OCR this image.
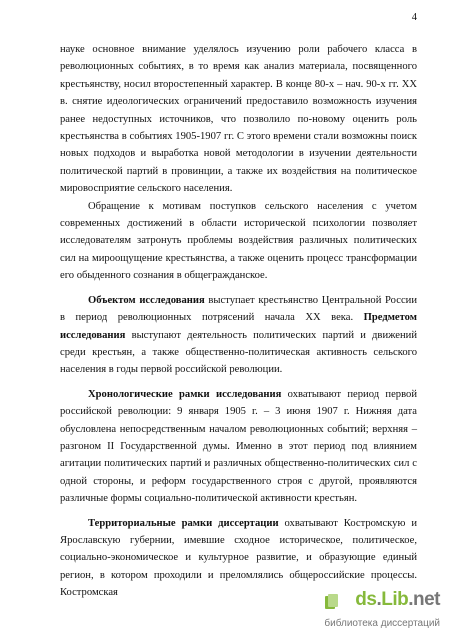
4

науке основное внимание уделялось изучению роли рабочего класса в революционных событиях, в то время как анализ материала, посвященного крестьянству, носил второстепенный характер. В конце 80-х – нач. 90-х гг. XX в. снятие идеологических ограничений предоставило возможность изучения ранее недоступных источников, что позволило по-новому оценить роль крестьянства в событиях 1905-1907 гг. С этого времени стали возможны поиск новых подходов и выработка новой методологии в изучении деятельности политической партий в провинции, а также их воздействия на политическое мировосприятие сельского населения.

Обращение к мотивам поступков сельского населения с учетом современных достижений в области исторической психологии позволяет исследователям затронуть проблемы воздействия различных политических сил на мироощущение крестьянства, а также оценить процесс трансформации его обыденного сознания в общегражданское.

Объектом исследования выступает крестьянство Центральной России в период революционных потрясений начала XX века. Предметом исследования выступают деятельность политических партий и движений среди крестьян, а также общественно-политическая активность сельского населения в годы первой российской революции.

Хронологические рамки исследования охватывают период первой российской революции: 9 января 1905 г. – 3 июня 1907 г. Нижняя дата обусловлена непосредственным началом революционных событий; верхняя – разгоном II Государственной думы. Именно в этот период под влиянием агитации политических партий и различных общественно-политических сил с одной стороны, и реформ государственного строя с другой, проявляются различные формы социально-политической активности крестьян.

Территориальные рамки диссертации охватывают Костромскую и Ярославскую губернии, имевшие сходное историческое, политическое, социально-экономическое и культурное развитие, и образующие единый регион, в котором проходили и преломлялись общероссийские процессы. Костромская	ds.Lib.net
библиотека диссертаций
